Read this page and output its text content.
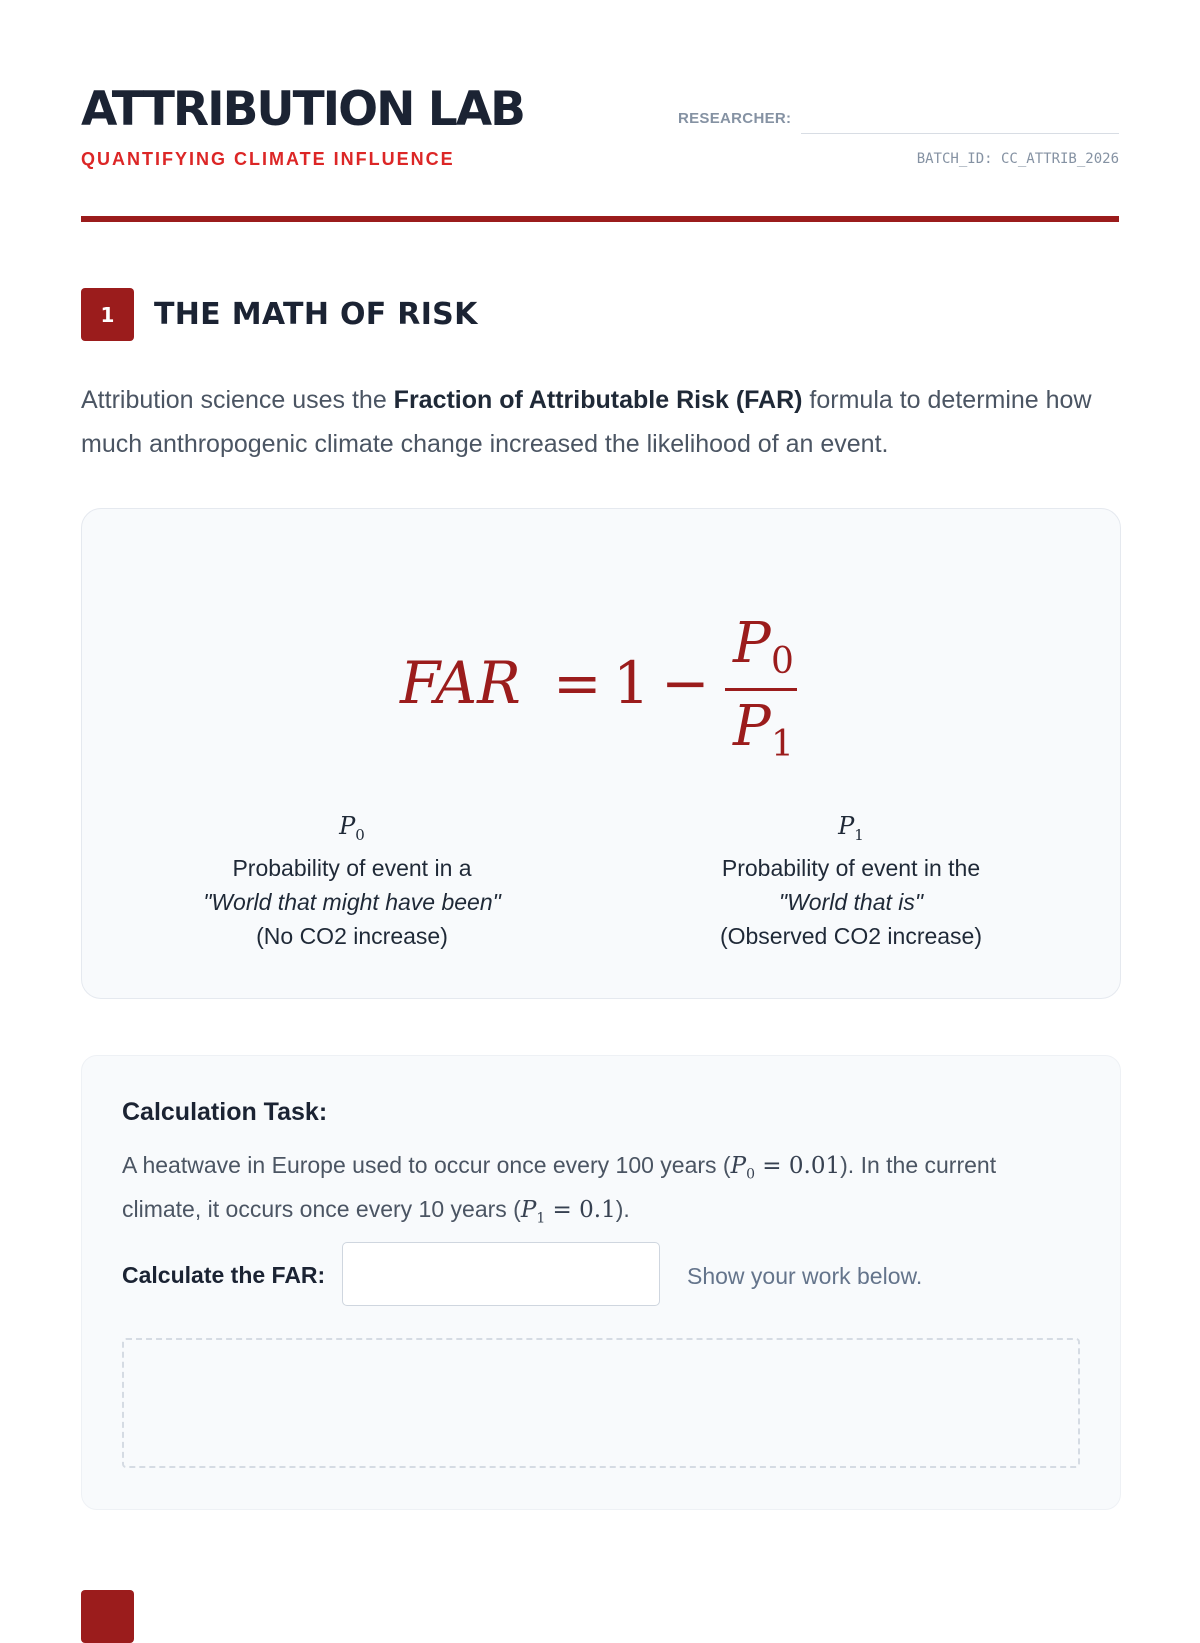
ATTRIBUTION LAB
QUANTIFYING CLIMATE INFLUENCE
RESEARCHER:
BATCH_ID: CC_ATTRIB_2026
1	THE MATH OF RISK

Attribution science uses the Fraction of Attributable Risk (FAR) formula to determine how much anthropogenic climate change increased the likelihood of an event.

FAR = 1 −
P 0
P 1
$P_0$
Probability of event in a
"World that might have been"
(No CO2 increase)
$P_1$
Probability of event in the
"World that is"
(Observed CO2 increase)
Calculation Task:

A heatwave in Europe used to occur once every 100 years $(P_0 = 0.01)$. In the current climate, it occurs once every 10 years $(P_1 = 0.1)$.

Calculate the FAR:	Show your work below.
